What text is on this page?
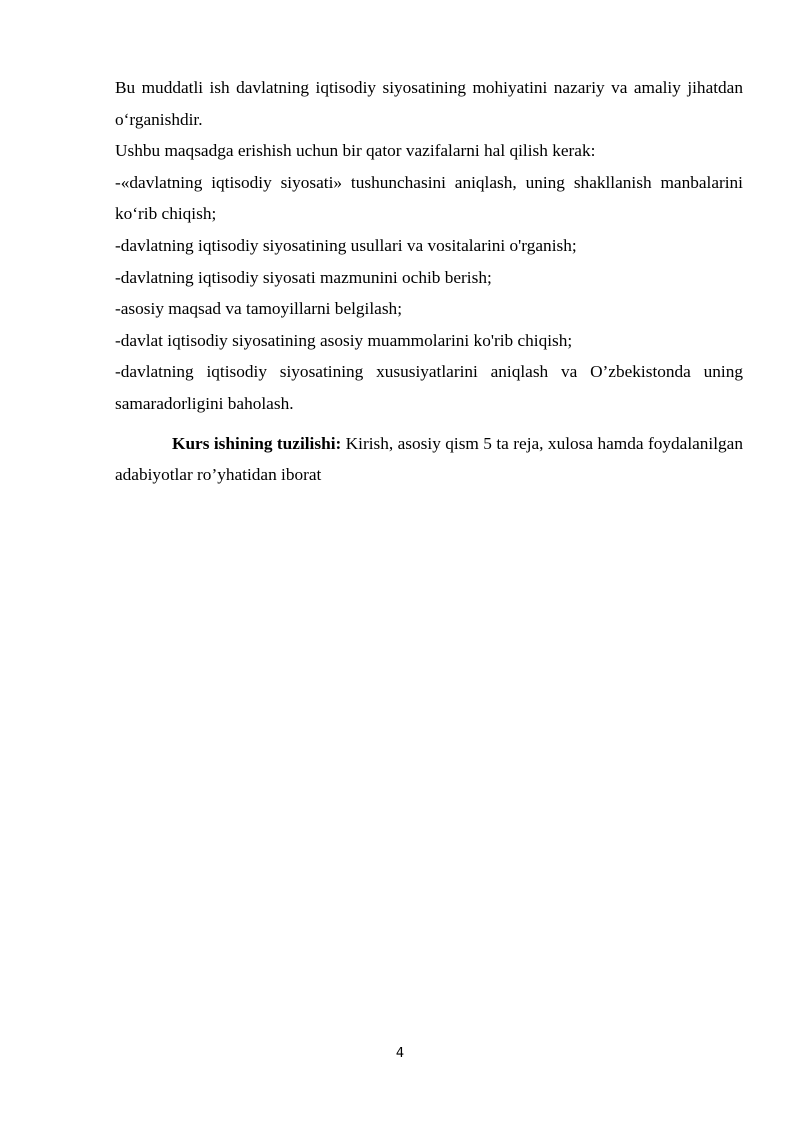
Bu muddatli ish davlatning iqtisodiy siyosatining mohiyatini nazariy va amaliy jihatdan o‘rganishdir.

Ushbu maqsadga erishish uchun bir qator vazifalarni hal qilish kerak:

-«davlatning iqtisodiy siyosati» tushunchasini aniqlash, uning shakllanish manbalarini ko‘rib chiqish;

-davlatning iqtisodiy siyosatining usullari va vositalarini o'rganish;

-davlatning iqtisodiy siyosati mazmunini ochib berish;

-asosiy maqsad va tamoyillarni belgilash;

-davlat iqtisodiy siyosatining asosiy muammolarini ko'rib chiqish;

-davlatning iqtisodiy siyosatining xususiyatlarini aniqlash va O’zbekistonda uning samaradorligini baholash.

Kurs ishining tuzilishi: Kirish, asosiy qism 5 ta reja, xulosa hamda foydalanilgan adabiyotlar ro’yhatidan iborat

4
